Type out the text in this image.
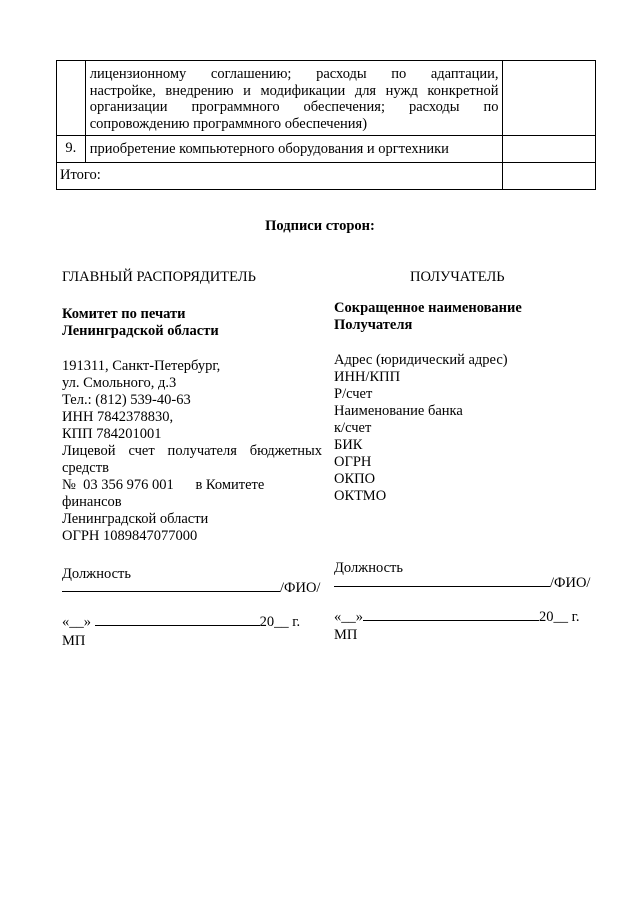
	лицензионному соглашению; расходы по адаптации,
настройке, внедрению и модификации для нужд конкретной
организации программного обеспечения; расходы по
сопровождению программного обеспечения)	

9.	приобретение компьютерного оборудования и оргтехники	

Итого:		
Подписи сторон:
ГЛАВНЫЙ РАСПОРЯДИТЕЛЬ	ПОЛУЧАТЕЛЬ
Комитет по печати
Ленинградской области
Сокращенное наименование
Получателя
191311, Санкт-Петербург,
ул. Смольного, д.3
Тел.: (812) 539-40-63
ИНН 7842378830,
КПП 784201001
Лицевой счет получателя бюджетных
средств
№  03 356 976 001      в Комитете
финансов
Ленинградской области
ОГРН 1089847077000
Адрес (юридический адрес)
ИНН/КПП
Р/счет
Наименование банка
к/счет
БИК
ОГРН
ОКПО
ОКТМО
Должность
/ФИО/
«__»	20__ г.
МП
Должность
/ФИО/
«__»	20__ г.
МП
